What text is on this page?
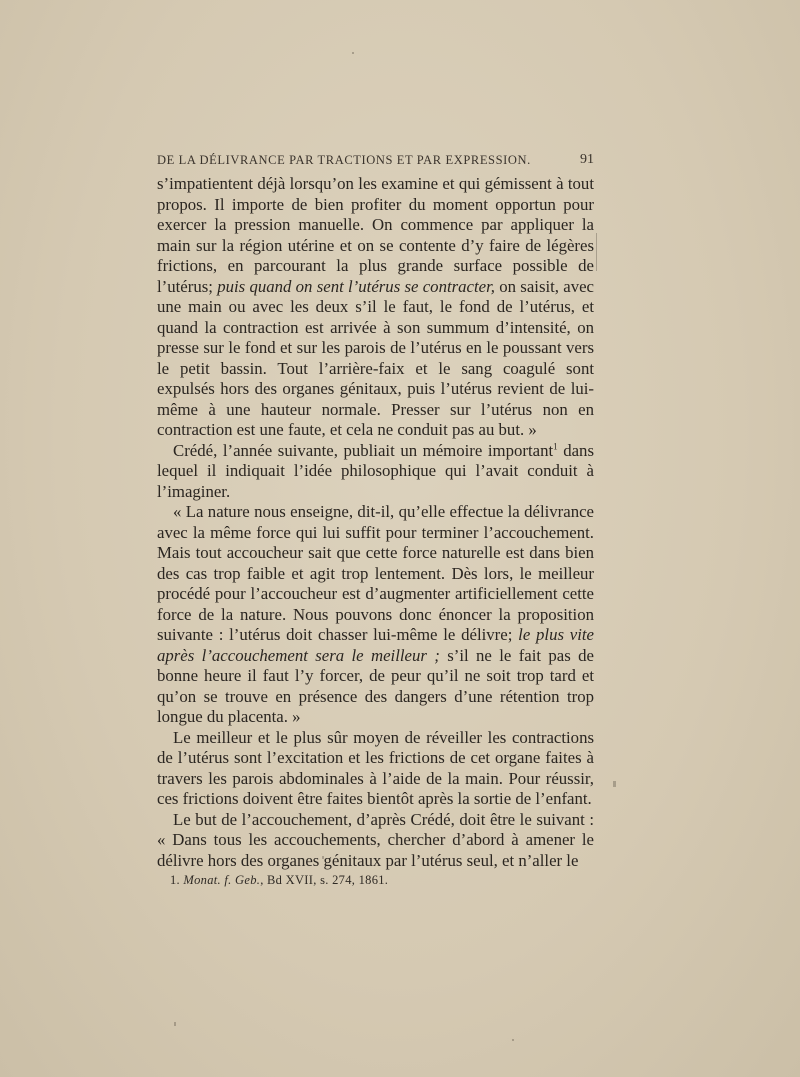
DE LA DÉLIVRANCE PAR TRACTIONS ET PAR EXPRESSION.	91

s’impatientent déjà lorsqu’on les examine et qui gémissent à tout propos. Il importe de bien profiter du moment opportun pour exercer la pression manuelle. On commence par appliquer la main sur la région utérine et on se contente d’y faire de légères frictions, en parcourant la plus grande surface possible de l’utérus; puis quand on sent l’utérus se contracter, on saisit, avec une main ou avec les deux s’il le faut, le fond de l’utérus, et quand la contraction est arrivée à son summum d’intensité, on presse sur le fond et sur les parois de l’utérus en le poussant vers le petit bassin. Tout l’arrière-faix et le sang coagulé sont expulsés hors des organes génitaux, puis l’utérus revient de lui-même à une hauteur normale. Presser sur l’utérus non en contraction est une faute, et cela ne conduit pas au but. »

Crédé, l’année suivante, publiait un mémoire important$^1$ dans lequel il indiquait l’idée philosophique qui l’avait conduit à l’imaginer.

« La nature nous enseigne, dit-il, qu’elle effectue la délivrance avec la même force qui lui suffit pour terminer l’accouchement. Mais tout accoucheur sait que cette force naturelle est dans bien des cas trop faible et agit trop lentement. Dès lors, le meilleur procédé pour l’accoucheur est d’augmenter artificiellement cette force de la nature. Nous pouvons donc énoncer la proposition suivante : l’utérus doit chasser lui-même le délivre; le plus vite après l’accouchement sera le meilleur ; s’il ne le fait pas de bonne heure il faut l’y forcer, de peur qu’il ne soit trop tard et qu’on se trouve en présence des dangers d’une rétention trop longue du placenta. »

Le meilleur et le plus sûr moyen de réveiller les contractions de l’utérus sont l’excitation et les frictions de cet organe faites à travers les parois abdominales à l’aide de la main. Pour réussir, ces frictions doivent être faites bientôt après la sortie de l’enfant.

Le but de l’accouchement, d’après Crédé, doit être le suivant : « Dans tous les accouchements, chercher d’abord à amener le délivre hors des organes génitaux par l’utérus seul, et n’aller le

1. Monat. f. Geb., Bd XVII, s. 274, 1861.
